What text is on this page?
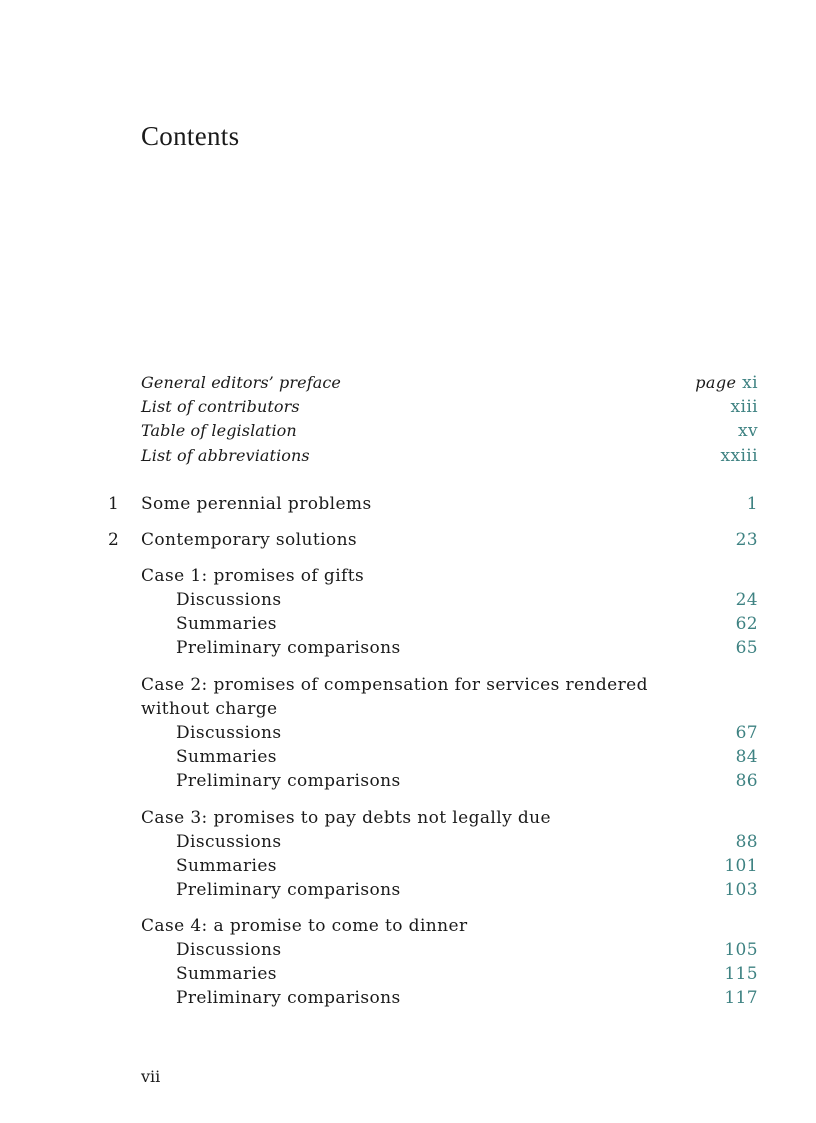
Contents
General editors’ preface	page xi
List of contributors	xiii
Table of legislation	xv
List of abbreviations	xxiii
1 Some perennial problems	1
2 Contemporary solutions	23
Case 1: promises of gifts
Discussions	24
Summaries	62
Preliminary comparisons	65
Case 2: promises of compensation for services rendered
without charge
Discussions	67
Summaries	84
Preliminary comparisons	86
Case 3: promises to pay debts not legally due
Discussions	88
Summaries	101
Preliminary comparisons	103
Case 4: a promise to come to dinner
Discussions	105
Summaries	115
Preliminary comparisons	117
vii
